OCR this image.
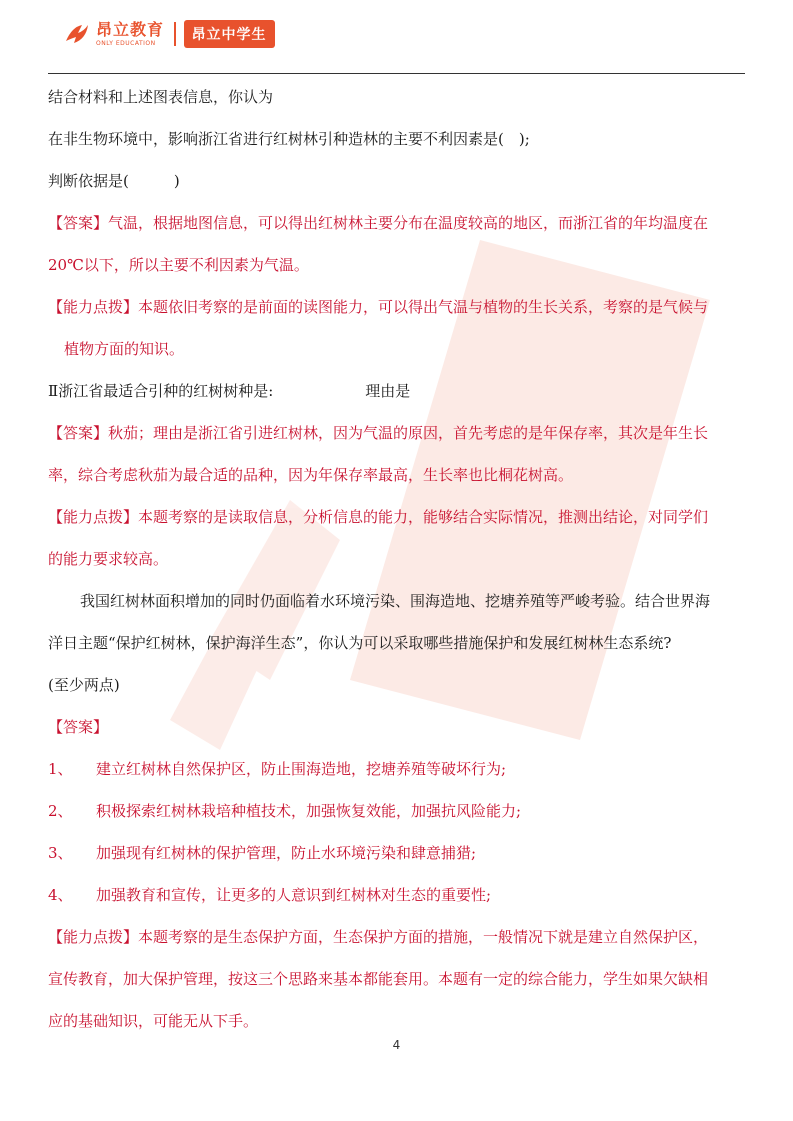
昂立教育
ONLY EDUCATION	昂立中学生

结合材料和上述图表信息，你认为

在非生物环境中，影响浙江省进行红树林引种造林的主要不利因素是(　);

判断依据是(　　　)

【答案】气温，根据地图信息，可以得出红树林主要分布在温度较高的地区，而浙江省的年均温度在

20℃以下，所以主要不利因素为气温。

【能力点拨】本题依旧考察的是前面的读图能力，可以得出气温与植物的生长关系，考察的是气候与

植物方面的知识。

Ⅱ浙江省最适合引种的红树树种是:	理由是

【答案】秋茄；理由是浙江省引进红树林，因为气温的原因，首先考虑的是年保存率，其次是年生长

率，综合考虑秋茄为最合适的品种，因为年保存率最高，生长率也比桐花树高。

【能力点拨】本题考察的是读取信息，分析信息的能力，能够结合实际情况，推测出结论，对同学们

的能力要求较高。

我国红树林面积增加的同时仍面临着水环境污染、围海造地、挖塘养殖等严峻考验。结合世界海

洋日主题“保护红树林，保护海洋生态”，你认为可以采取哪些措施保护和发展红树林生态系统?

(至少两点)

【答案】

1、	建立红树林自然保护区，防止围海造地，挖塘养殖等破坏行为;
2、	积极探索红树林栽培种植技术，加强恢复效能，加强抗风险能力;
3、	加强现有红树林的保护管理，防止水环境污染和肆意捕猎;
4、	加强教育和宣传，让更多的人意识到红树林对生态的重要性;

【能力点拨】本题考察的是生态保护方面，生态保护方面的措施，一般情况下就是建立自然保护区，

宣传教育，加大保护管理，按这三个思路来基本都能套用。本题有一定的综合能力，学生如果欠缺相

应的基础知识，可能无从下手。

4
